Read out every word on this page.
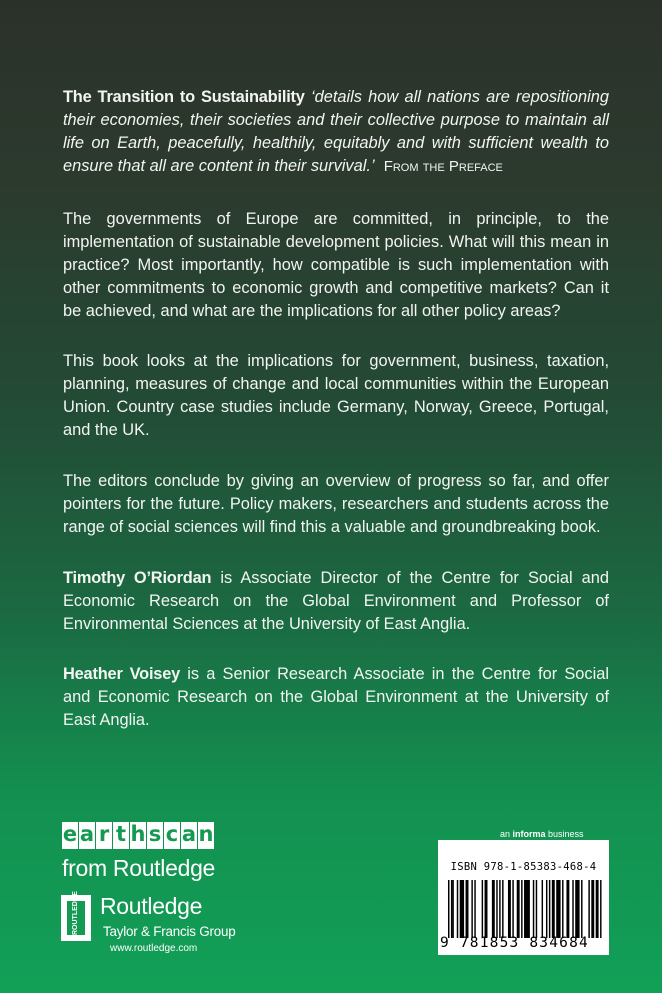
The Transition to Sustainability ‘details how all nations are repositioning their economies, their societies and their collective purpose to maintain all life on Earth, peacefully, healthily, equitably and with sufficient wealth to ensure that all are content in their survival.’ From the Preface

The governments of Europe are committed, in principle, to the implementation of sustainable development policies. What will this mean in practice? Most importantly, how compatible is such implementation with other commitments to economic growth and competitive markets? Can it be achieved, and what are the implications for all other policy areas?

This book looks at the implications for government, business, taxation, planning, measures of change and local communities within the European Union. Country case studies include Germany, Norway, Greece, Portugal, and the UK.

The editors conclude by giving an overview of progress so far, and offer pointers for the future. Policy makers, researchers and students across the range of social sciences will find this a valuable and groundbreaking book.

Timothy O’Riordan is Associate Director of the Centre for Social and Economic Research on the Global Environment and Professor of Environmental Sciences at the University of East Anglia.

Heather Voisey is a Senior Research Associate in the Centre for Social and Economic Research on the Global Environment at the University of East Anglia.

e a r t h s c a n
from Routledge
ROUTLEDGE Routledge
Taylor & Francis Group
www.routledge.com
an informa business
ISBN 978-1-85383-468-4
9 781853 834684
